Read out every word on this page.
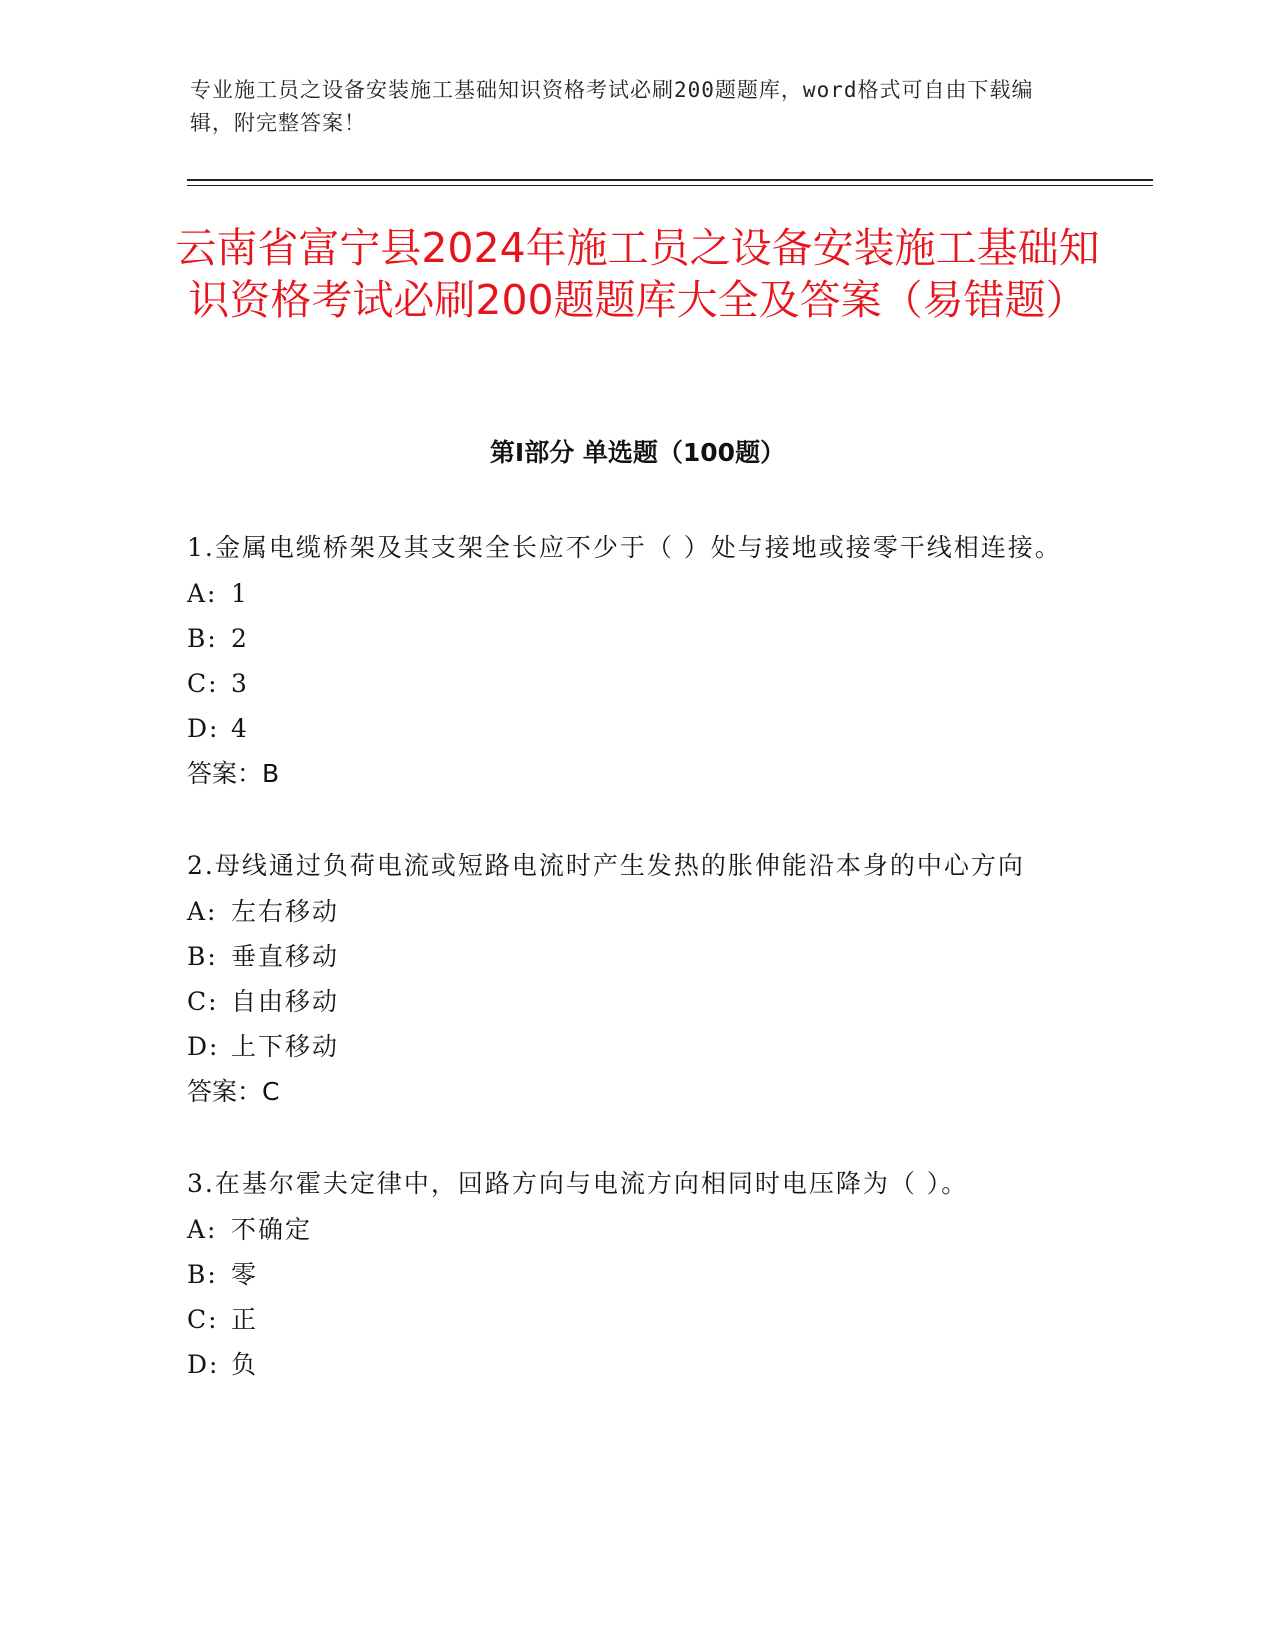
专业施工员之设备安装施工基础知识资格考试必刷200题题库，word格式可自由下载编辑，附完整答案！
云南省富宁县2024年施工员之设备安装施工基础知识资格考试必刷200题题库大全及答案（易错题）
第I部分 单选题（100题）
1.金属电缆桥架及其支架全长应不少于（ ）处与接地或接零干线相连接。
A: 1
B: 2
C: 3
D: 4
答案：B
2.母线通过负荷电流或短路电流时产生发热的胀伸能沿本身的中心方向
A: 左右移动
B: 垂直移动
C: 自由移动
D: 上下移动
答案：C
3.在基尔霍夫定律中，回路方向与电流方向相同时电压降为（ ）。
A: 不确定
B: 零
C: 正
D: 负
